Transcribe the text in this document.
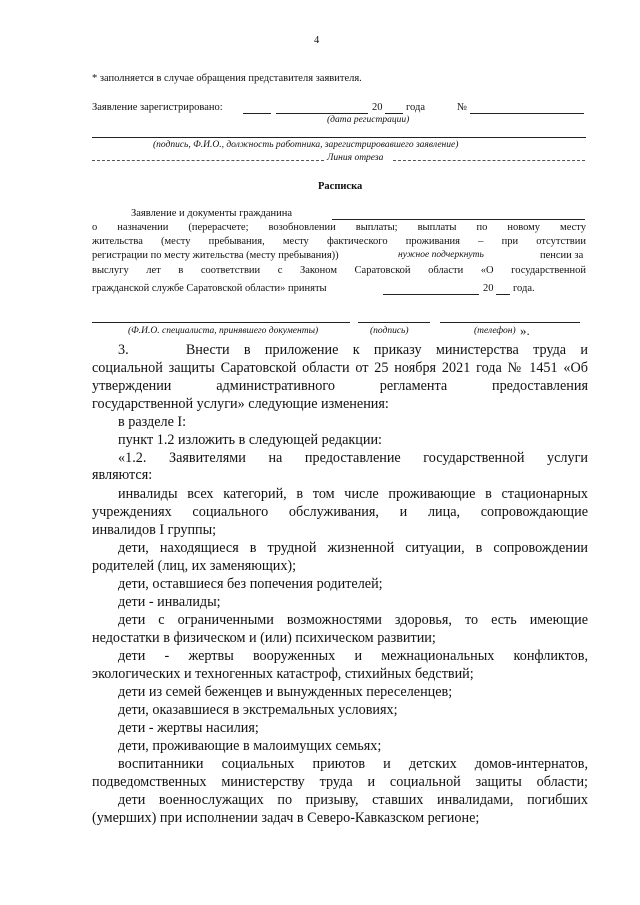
4
* заполняется в случае обращения представителя заявителя.
Заявление зарегистрировано:	20 года	№
(дата регистрации)
(подпись, Ф.И.О., должность работника, зарегистрировавшего заявление)
Линия отреза
Расписка
Заявление и документы гражданина
о назначении (перерасчете; возобновлении выплаты; выплаты по новому месту
жительства (месту пребывания, месту фактического проживания – при отсутствии
регистрации по месту жительства (месту пребывания))	нужное подчеркнуть	пенсии за
выслугу лет в соответствии с Законом Саратовской области «О государственной
гражданской службе Саратовской области» приняты	20 года.
(Ф.И.О. специалиста, принявшего документы)	(подпись)	(телефон) ».
3.    Внести в приложение к приказу министерства труда и
социальной защиты Саратовской области от 25 ноября 2021 года № 1451 «Об
утверждении административного регламента предоставления
государственной услуги» следующие изменения:
в разделе I:
пункт 1.2 изложить в следующей редакции:
«1.2. Заявителями на предоставление государственной услуги
являются:
инвалиды всех категорий, в том числе проживающие в стационарных
учреждениях социального обслуживания, и лица, сопровождающие
инвалидов I группы;
дети, находящиеся в трудной жизненной ситуации, в сопровождении
родителей (лиц, их заменяющих);
дети, оставшиеся без попечения родителей;
дети - инвалиды;
дети с ограниченными возможностями здоровья, то есть имеющие
недостатки в физическом и (или) психическом развитии;
дети - жертвы вооруженных и межнациональных конфликтов,
экологических и техногенных катастроф, стихийных бедствий;
дети из семей беженцев и вынужденных переселенцев;
дети, оказавшиеся в экстремальных условиях;
дети - жертвы насилия;
дети, проживающие в малоимущих семьях;
воспитанники социальных приютов и детских домов-интернатов,
подведомственных министерству труда и социальной защиты области;
дети военнослужащих по призыву, ставших инвалидами, погибших
(умерших) при исполнении задач в Северо-Кавказском регионе;
